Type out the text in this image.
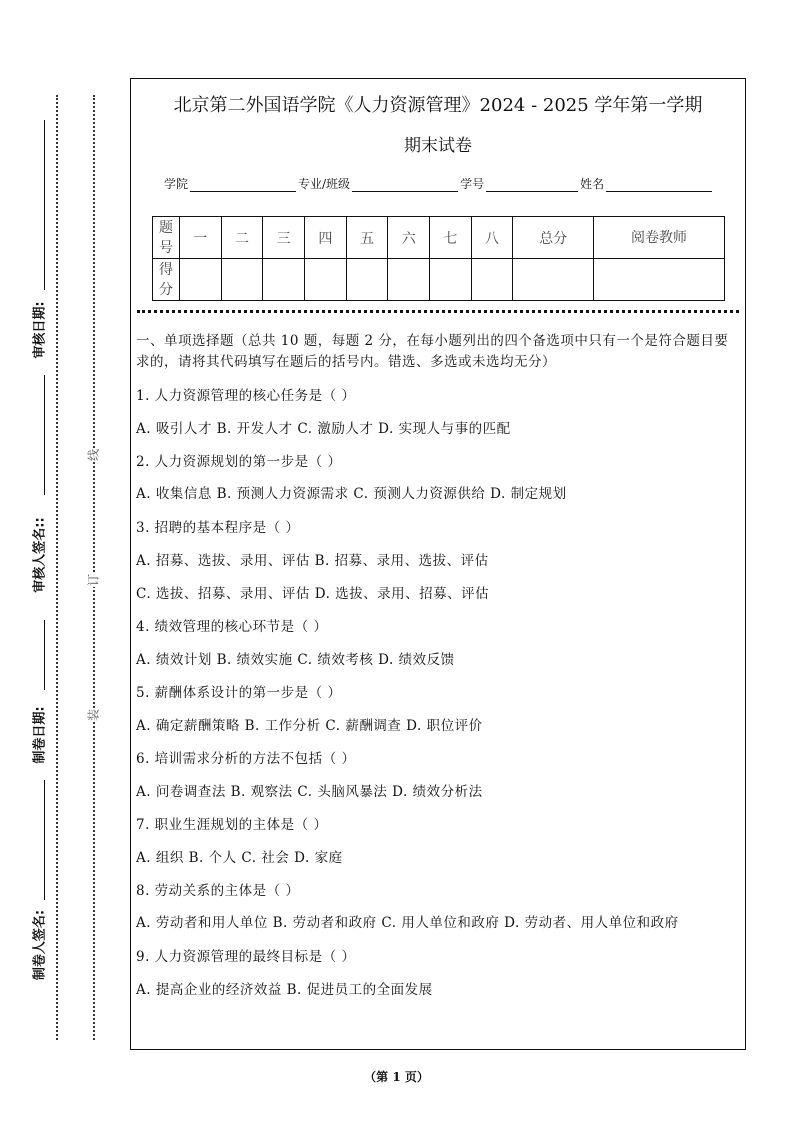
审核日期:
审核人签名::
制卷日期:
制卷人签名:
线
订
装
北京第二外国语学院《人力资源管理》2024 - 2025 学年第一学期
期末试卷
学院	专业/班级	学号	姓名
题号	一	二	三	四	五	六	七	八	总分	阅卷教师
得分										
一、单项选择题（总共 10 题，每题 2 分，在每小题列出的四个备选项中只有一个是符合题目要求的，请将其代码填写在题后的括号内。错选、多选或未选均无分）
1. 人力资源管理的核心任务是（ ）
A. 吸引人才 B. 开发人才 C. 激励人才 D. 实现人与事的匹配
2. 人力资源规划的第一步是（ ）
A. 收集信息 B. 预测人力资源需求 C. 预测人力资源供给 D. 制定规划
3. 招聘的基本程序是（ ）
A. 招募、选拔、录用、评估 B. 招募、录用、选拔、评估
C. 选拔、招募、录用、评估 D. 选拔、录用、招募、评估
4. 绩效管理的核心环节是（ ）
A. 绩效计划 B. 绩效实施 C. 绩效考核 D. 绩效反馈
5. 薪酬体系设计的第一步是（ ）
A. 确定薪酬策略 B. 工作分析 C. 薪酬调查 D. 职位评价
6. 培训需求分析的方法不包括（ ）
A. 问卷调查法 B. 观察法 C. 头脑风暴法 D. 绩效分析法
7. 职业生涯规划的主体是（ ）
A. 组织 B. 个人 C. 社会 D. 家庭
8. 劳动关系的主体是（ ）
A. 劳动者和用人单位 B. 劳动者和政府 C. 用人单位和政府 D. 劳动者、用人单位和政府
9. 人力资源管理的最终目标是（ ）
A. 提高企业的经济效益 B. 促进员工的全面发展
（第 1 页）
